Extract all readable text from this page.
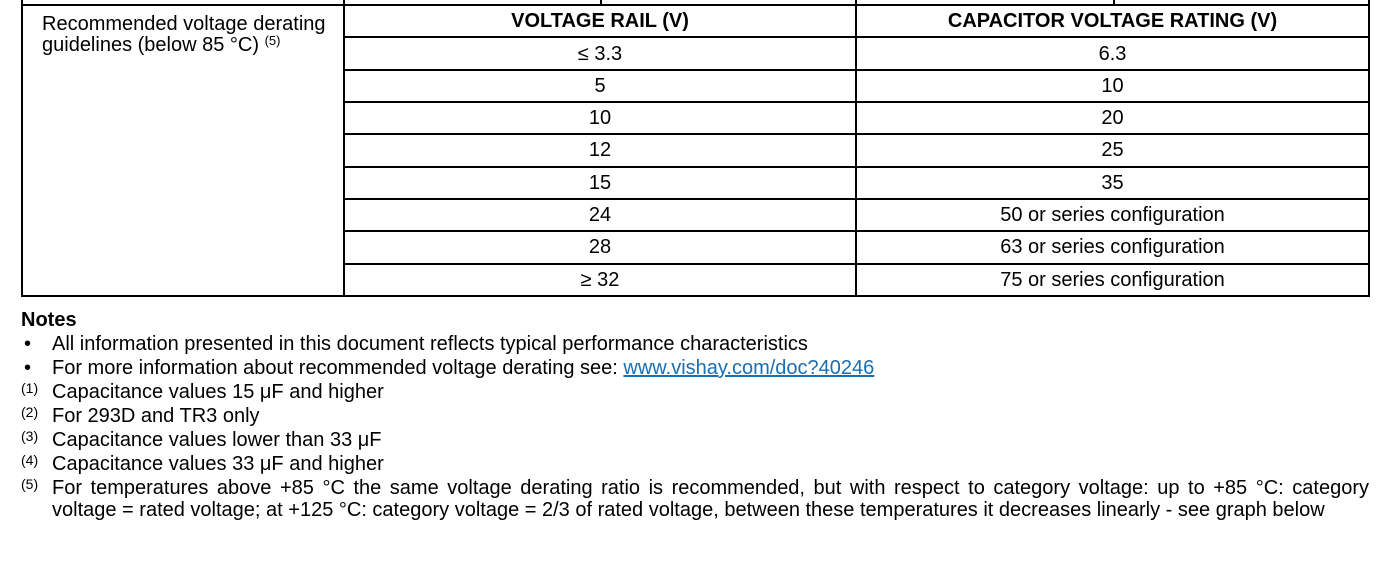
Recommended voltage derating guidelines (below 85 °C) $^{(5)}$	VOLTAGE RAIL (V)	CAPACITOR VOLTAGE RATING (V)
	≤ 3.3	6.3
	5	10
	10	20
	12	25
	15	35
	24	50 or series configuration
	28	63 or series configuration
	≥ 32	75 or series configuration
Notes
•	All information presented in this document reflects typical performance characteristics
•	For more information about recommended voltage derating see: www.vishay.com/doc?40246
$^{(1)}$ Capacitance values 15 μF and higher
$^{(2)}$ For 293D and TR3 only
$^{(3)}$ Capacitance values lower than 33 μF
$^{(4)}$ Capacitance values 33 μF and higher
$^{(5)}$ For temperatures above +85 °C the same voltage derating ratio is recommended, but with respect to category voltage: up to +85 °C: category voltage = rated voltage; at +125 °C: category voltage = 2/3 of rated voltage, between these temperatures it decreases linearly - see graph below
